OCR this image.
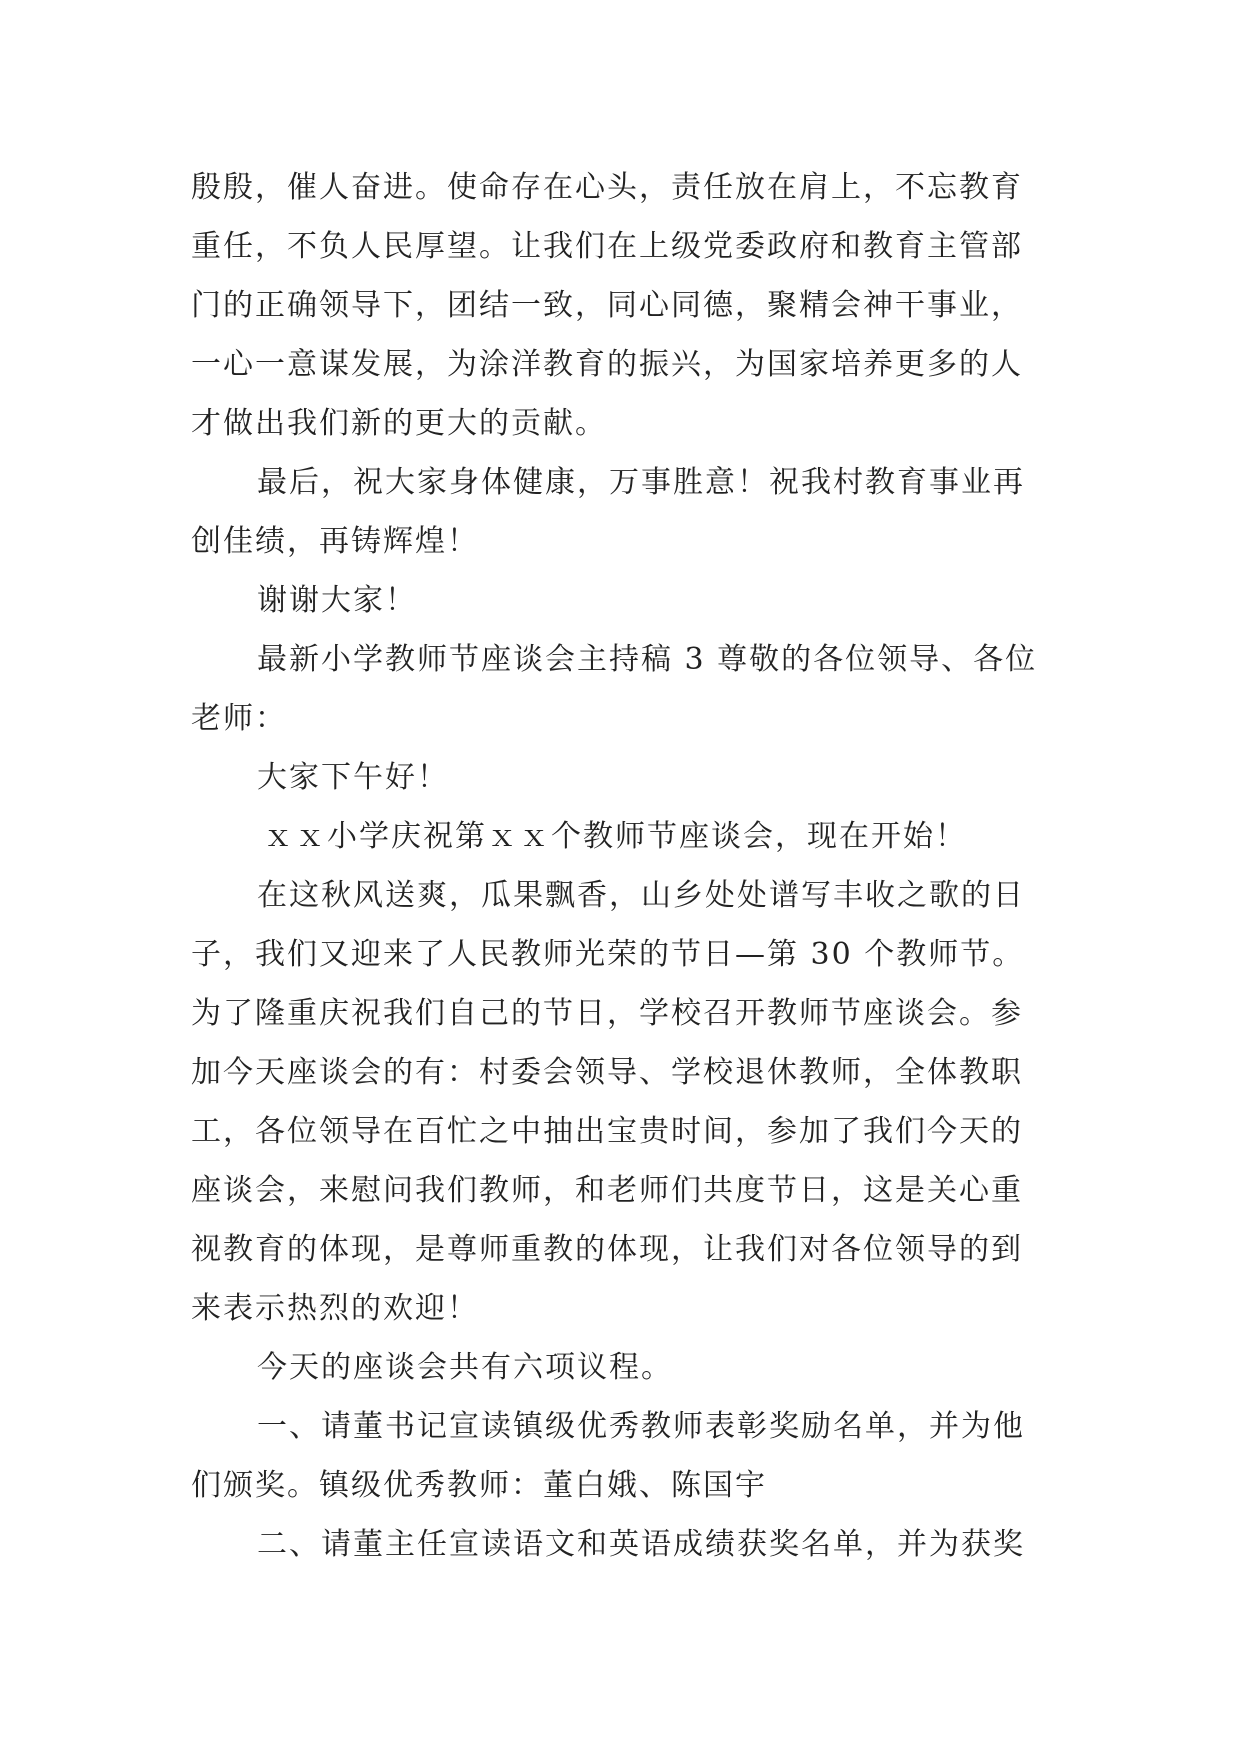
殷殷，催人奋进。使命存在心头，责任放在肩上，不忘教育
重任，不负人民厚望。让我们在上级党委政府和教育主管部
门的正确领导下，团结一致，同心同德，聚精会神干事业，
一心一意谋发展，为涂洋教育的振兴，为国家培养更多的人
才做出我们新的更大的贡献。
最后，祝大家身体健康，万事胜意！祝我村教育事业再
创佳绩，再铸辉煌！
谢谢大家！
最新小学教师节座谈会主持稿 3 尊敬的各位领导、各位
老师：
大家下午好！
ｘｘ小学庆祝第ｘｘ个教师节座谈会，现在开始！
在这秋风送爽，瓜果飘香，山乡处处谱写丰收之歌的日
子，我们又迎来了人民教师光荣的节日—第 30 个教师节。
为了隆重庆祝我们自己的节日，学校召开教师节座谈会。参
加今天座谈会的有：村委会领导、学校退休教师，全体教职
工，各位领导在百忙之中抽出宝贵时间，参加了我们今天的
座谈会，来慰问我们教师，和老师们共度节日，这是关心重
视教育的体现，是尊师重教的体现，让我们对各位领导的到
来表示热烈的欢迎！
今天的座谈会共有六项议程。
一、请董书记宣读镇级优秀教师表彰奖励名单，并为他
们颁奖。镇级优秀教师：董白娥、陈国宇
二、请董主任宣读语文和英语成绩获奖名单，并为获奖
